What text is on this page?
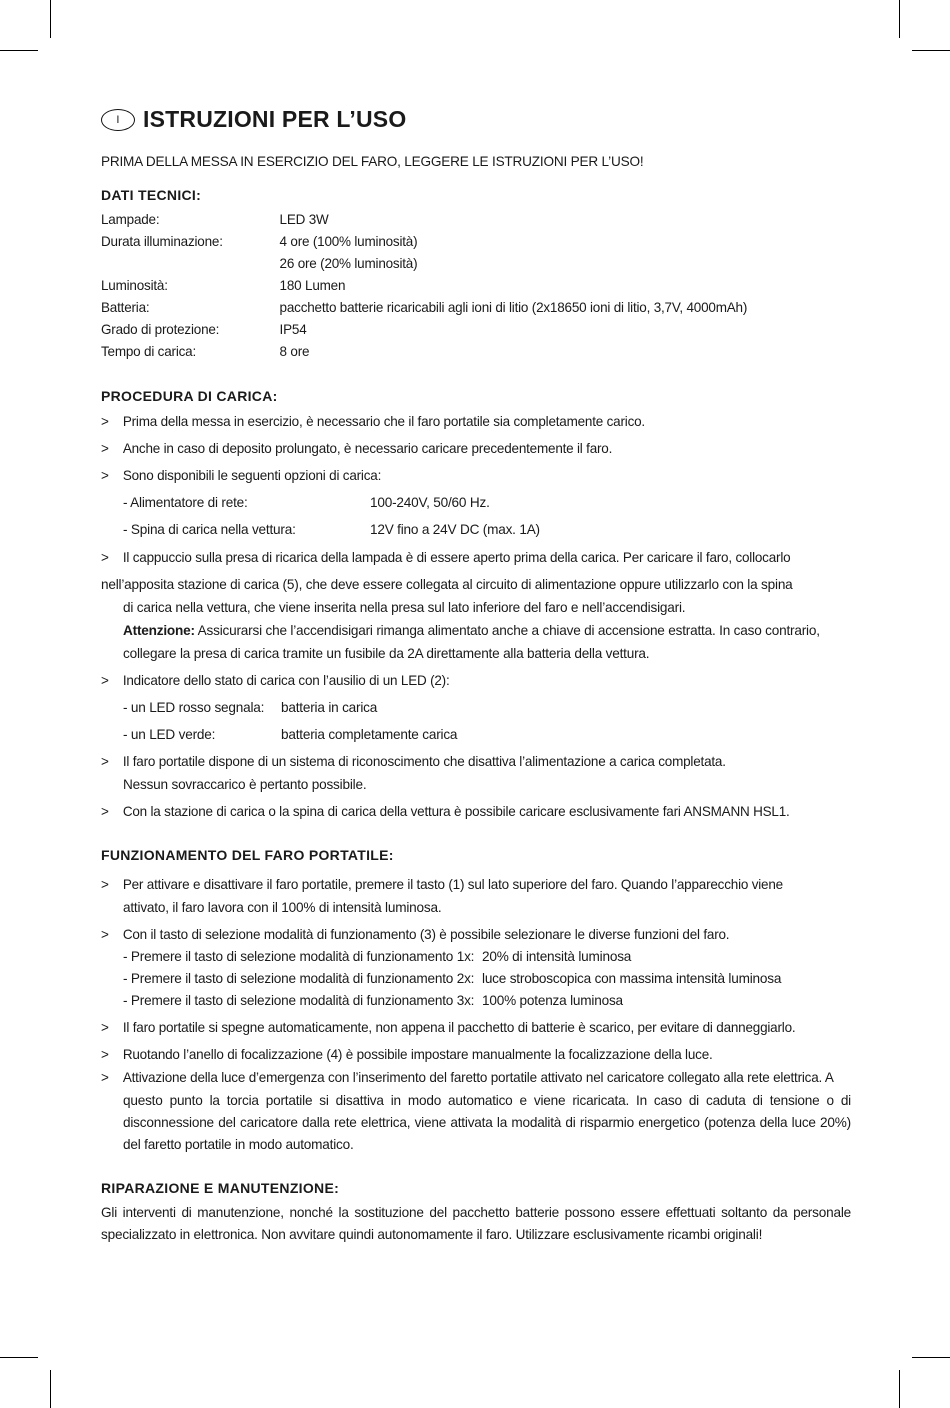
I	ISTRUZIONI PER L’USO
PRIMA DELLA MESSA IN ESERCIZIO DEL FARO, LEGGERE LE ISTRUZIONI PER L’USO!
DATI TECNICI:
Lampade:	LED 3W
Durata illuminazione:	4 ore (100% luminosità)
26 ore (20% luminosità)
Luminosità:	180 Lumen
Batteria:	pacchetto batterie ricaricabili agli ioni di litio (2x18650 ioni di litio, 3,7V, 4000mAh)
Grado di protezione:	IP54
Tempo di carica:	8 ore
PROCEDURA DI CARICA:
> Prima della messa in esercizio, è necessario che il faro portatile sia completamente carico.
> Anche in caso di deposito prolungato, è necessario caricare precedentemente il faro.
> Sono disponibili le seguenti opzioni di carica:
- Alimentatore di rete:	100-240V, 50/60 Hz.
- Spina di carica nella vettura:	12V fino a 24V DC (max. 1A)
> Il cappuccio sulla presa di ricarica della lampada è di essere aperto prima della carica. Per caricare il faro, collocarlo
nell’apposita stazione di carica (5), che deve essere collegata al circuito di alimentazione oppure utilizzarlo con la spina
di carica nella vettura, che viene inserita nella presa sul lato inferiore del faro e nell’accendisigari.
Attenzione: Assicurarsi che l’accendisigari rimanga alimentato anche a chiave di accensione estratta. In caso contrario,
collegare la presa di carica tramite un fusibile da 2A direttamente alla batteria della vettura.
> Indicatore dello stato di carica con l’ausilio di un LED (2):
- un LED rosso segnala: batteria in carica
- un LED verde:	batteria completamente carica
> Il faro portatile dispone di un sistema di riconoscimento che disattiva l’alimentazione a carica completata.
Nessun sovraccarico è pertanto possibile.
> Con la stazione di carica o la spina di carica della vettura è possibile caricare esclusivamente fari ANSMANN HSL1.
FUNZIONAMENTO DEL FARO PORTATILE:
> Per attivare e disattivare il faro portatile, premere il tasto (1) sul lato superiore del faro. Quando l’apparecchio viene
attivato, il faro lavora con il 100% di intensità luminosa.
> Con il tasto di selezione modalità di funzionamento (3) è possibile selezionare le diverse funzioni del faro.
- Premere il tasto di selezione modalità di funzionamento 1x: 20% di intensità luminosa
- Premere il tasto di selezione modalità di funzionamento 2x: luce stroboscopica con massima intensità luminosa
- Premere il tasto di selezione modalità di funzionamento 3x: 100% potenza luminosa
> Il faro portatile si spegne automaticamente, non appena il pacchetto di batterie è scarico, per evitare di danneggiarlo.
> Ruotando l’anello di focalizzazione (4) è possibile impostare manualmente la focalizzazione della luce.
> Attivazione della luce d’emergenza con l’inserimento del faretto portatile attivato nel caricatore collegato alla rete elettrica. A
questo punto la torcia portatile si disattiva in modo automatico e viene ricaricata. In caso di caduta di tensione o di
disconnessione del caricatore dalla rete elettrica, viene attivata la modalità di risparmio energetico (potenza della luce 20%)
del faretto portatile in modo automatico.
RIPARAZIONE E MANUTENZIONE:
Gli interventi di manutenzione, nonché la sostituzione del pacchetto batterie possono essere effettuati soltanto da personale
specializzato in elettronica. Non avvitare quindi autonomamente il faro. Utilizzare esclusivamente ricambi originali!
